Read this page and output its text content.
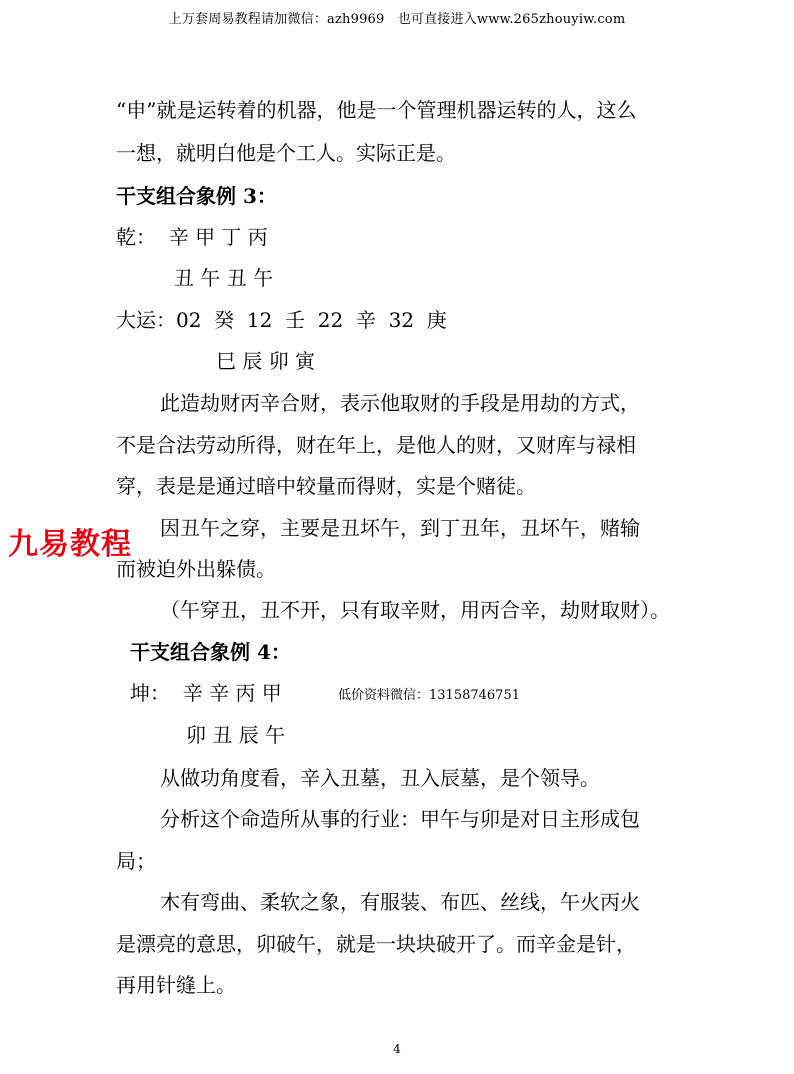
上万套周易教程请加微信：azh9969　也可直接进入www.265zhouyiw.com
“申”就是运转着的机器，他是一个管理机器运转的人，这么
一想，就明白他是个工人。实际正是。
干支组合象例 3：
乾：  辛 甲 丁 丙
丑 午 丑 午
大运：02  癸  12  壬  22  辛  32  庚
巳 辰 卯 寅
此造劫财丙辛合财，表示他取财的手段是用劫的方式，
不是合法劳动所得，财在年上，是他人的财，又财库与禄相
穿，表是是通过暗中较量而得财，实是个赌徒。
因丑午之穿，主要是丑坏午，到丁丑年，丑坏午，赌输
而被迫外出躲债。
（午穿丑，丑不开，只有取辛财，用丙合辛，劫财取财）。
干支组合象例 4：
坤：  辛 辛 丙 甲	低价资料微信：13158746751
卯 丑 辰 午
从做功角度看，辛入丑墓，丑入辰墓，是个领导。
分析这个命造所从事的行业：甲午与卯是对日主形成包
局；
木有弯曲、柔软之象，有服装、布匹、丝线，午火丙火
是漂亮的意思，卯破午，就是一块块破开了。而辛金是针，
再用针缝上。
九易教程
4
